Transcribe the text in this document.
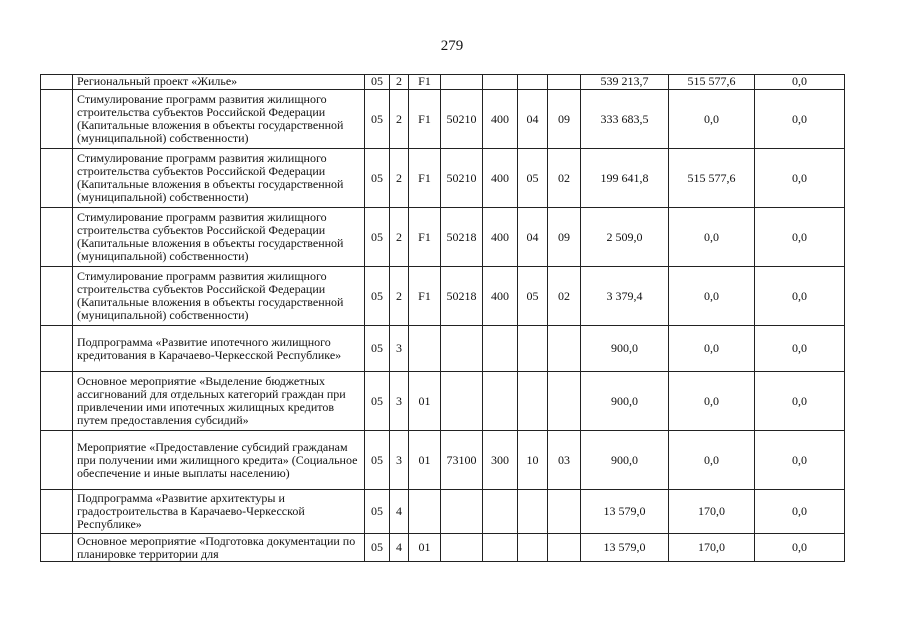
279
	Региональный проект «Жилье»	05	2	F1					539 213,7	515 577,6	0,0
	Стимулирование программ развития жилищного строительства субъектов Российской Федерации (Капитальные вложения в объекты государственной (муниципальной) собственности)	05	2	F1	50210	400	04	09	333 683,5	0,0	0,0
	Стимулирование программ развития жилищного строительства субъектов Российской Федерации (Капитальные вложения в объекты государственной (муниципальной) собственности)	05	2	F1	50210	400	05	02	199 641,8	515 577,6	0,0
	Стимулирование программ развития жилищного строительства субъектов Российской Федерации (Капитальные вложения в объекты государственной (муниципальной) собственности)	05	2	F1	50218	400	04	09	2 509,0	0,0	0,0
	Стимулирование программ развития жилищного строительства субъектов Российской Федерации (Капитальные вложения в объекты государственной (муниципальной) собственности)	05	2	F1	50218	400	05	02	3 379,4	0,0	0,0
	Подпрограмма «Развитие ипотечного жилищного кредитования в Карачаево-Черкесской Республике»	05	3						900,0	0,0	0,0
	Основное мероприятие «Выделение бюджетных ассигнований для отдельных категорий граждан при привлечении ими ипотечных жилищных кредитов путем предоставления субсидий»	05	3	01					900,0	0,0	0,0
	Мероприятие «Предоставление субсидий гражданам при получении ими жилищного кредита» (Социальное обеспечение и иные выплаты населению)	05	3	01	73100	300	10	03	900,0	0,0	0,0
	Подпрограмма «Развитие архитектуры и градостроительства в Карачаево-Черкесской Республике»	05	4						13 579,0	170,0	0,0
	Основное мероприятие «Подготовка документации по планировке территории для	05	4	01					13 579,0	170,0	0,0
